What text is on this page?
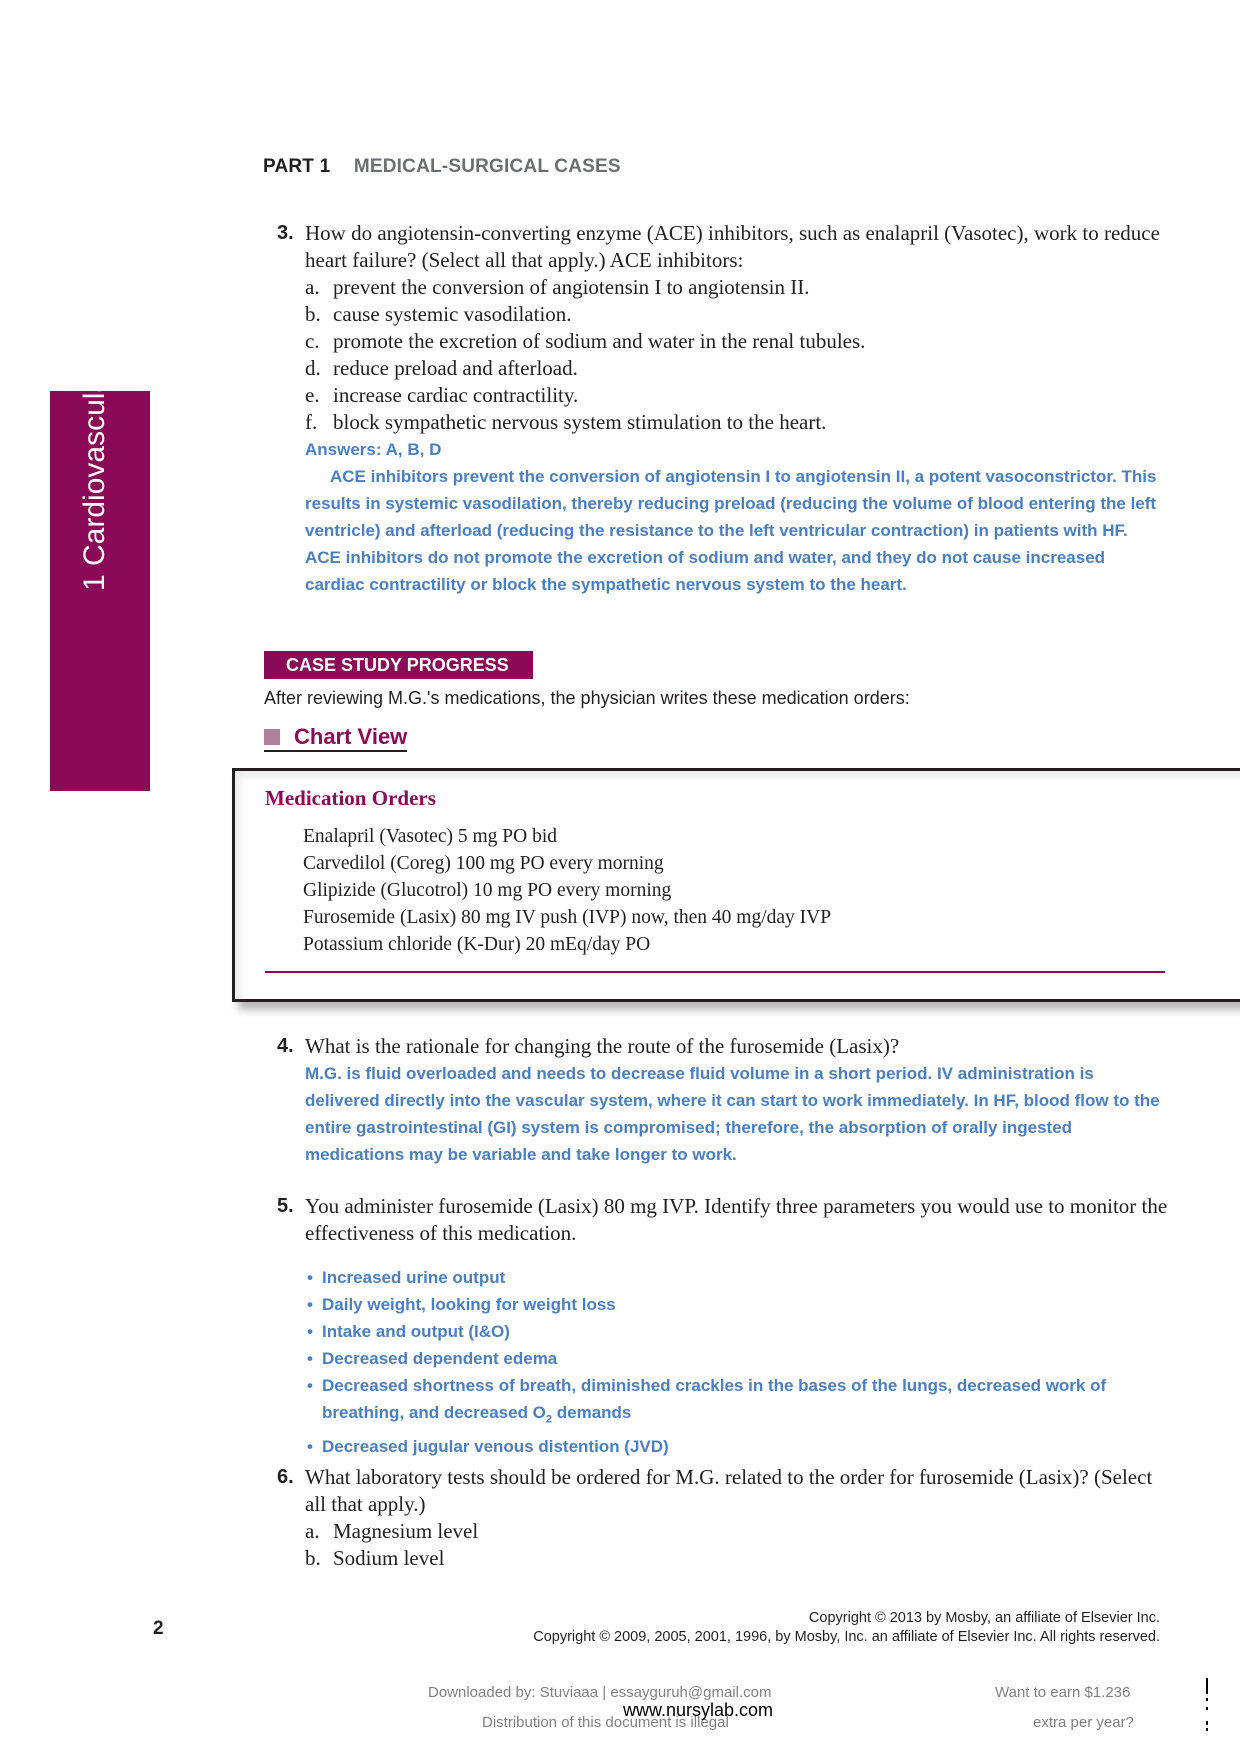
PART 1 MEDICAL-SURGICAL CASES
1 Cardiovascular
3. How do angiotensin-converting enzyme (ACE) inhibitors, such as enalapril (Vasotec), work to reduce heart failure? (Select all that apply.) ACE inhibitors:
a. prevent the conversion of angiotensin I to angiotensin II.
b. cause systemic vasodilation.
c. promote the excretion of sodium and water in the renal tubules.
d. reduce preload and afterload.
e. increase cardiac contractility.
f. block sympathetic nervous system stimulation to the heart.
Answers: A, B, D
ACE inhibitors prevent the conversion of angiotensin I to angiotensin II, a potent vasoconstrictor. This results in systemic vasodilation, thereby reducing preload (reducing the volume of blood entering the left ventricle) and afterload (reducing the resistance to the left ventricular contraction) in patients with HF. ACE inhibitors do not promote the excretion of sodium and water, and they do not cause increased cardiac contractility or block the sympathetic nervous system to the heart.
CASE STUDY PROGRESS
After reviewing M.G.'s medications, the physician writes these medication orders:
Chart View
Medication Orders
Enalapril (Vasotec) 5 mg PO bid
Carvedilol (Coreg) 100 mg PO every morning
Glipizide (Glucotrol) 10 mg PO every morning
Furosemide (Lasix) 80 mg IV push (IVP) now, then 40 mg/day IVP
Potassium chloride (K-Dur) 20 mEq/day PO
4. What is the rationale for changing the route of the furosemide (Lasix)?
M.G. is fluid overloaded and needs to decrease fluid volume in a short period. IV administration is delivered directly into the vascular system, where it can start to work immediately. In HF, blood flow to the entire gastrointestinal (GI) system is compromised; therefore, the absorption of orally ingested medications may be variable and take longer to work.
5. You administer furosemide (Lasix) 80 mg IVP. Identify three parameters you would use to monitor the effectiveness of this medication.
• Increased urine output
• Daily weight, looking for weight loss
• Intake and output (I&O)
• Decreased dependent edema
• Decreased shortness of breath, diminished crackles in the bases of the lungs, decreased work of breathing, and decreased $O_2$ demands
• Decreased jugular venous distention (JVD)
6. What laboratory tests should be ordered for M.G. related to the order for furosemide (Lasix)? (Select all that apply.)
a. Magnesium level
b. Sodium level
2	Copyright © 2013 by Mosby, an affiliate of Elsevier Inc.
Copyright © 2009, 2005, 2001, 1996, by Mosby, Inc. an affiliate of Elsevier Inc. All rights reserved.
Downloaded by: Stuviaaa | essayguruh@gmail.com
Distribution of this document is illegal
www.nursylab.com
Want to earn $1.236
extra per year?
